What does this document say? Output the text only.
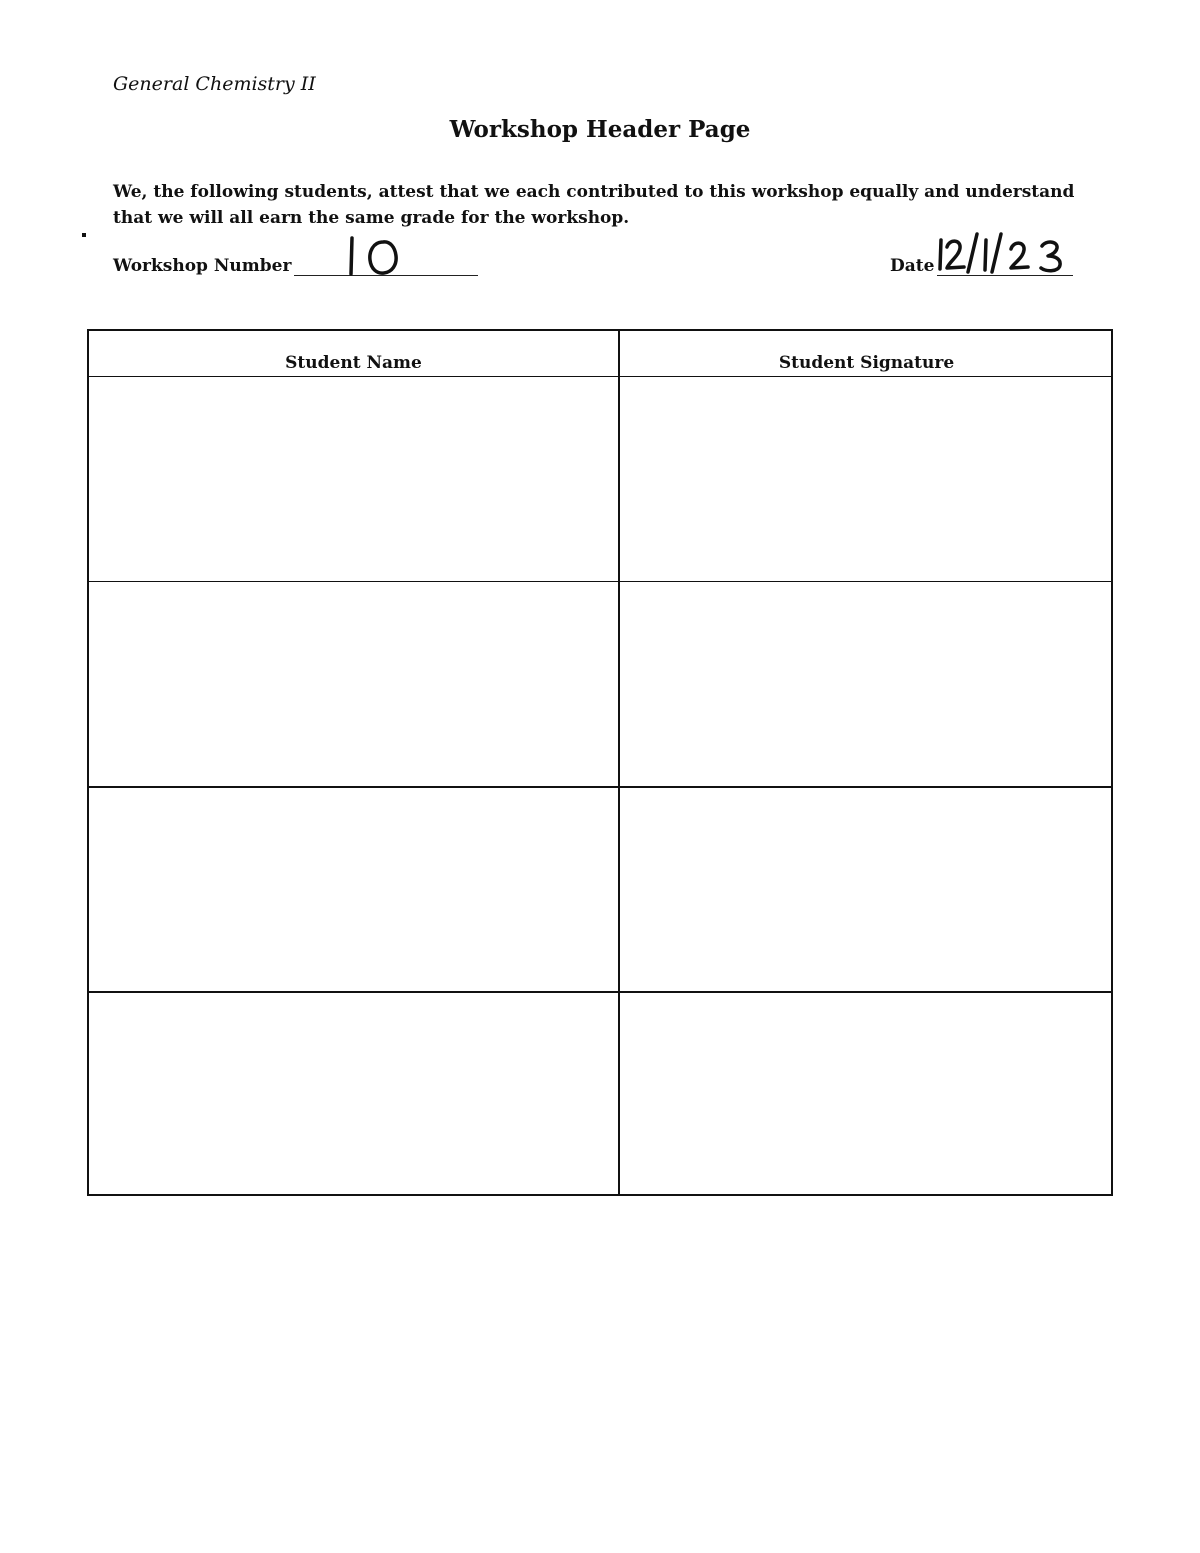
General Chemistry II
Workshop Header Page
We, the following students, attest that we each contributed to this workshop equally and understand that we will all earn the same grade for the workshop.
Workshop Number	Date
Student Name	Student Signature
